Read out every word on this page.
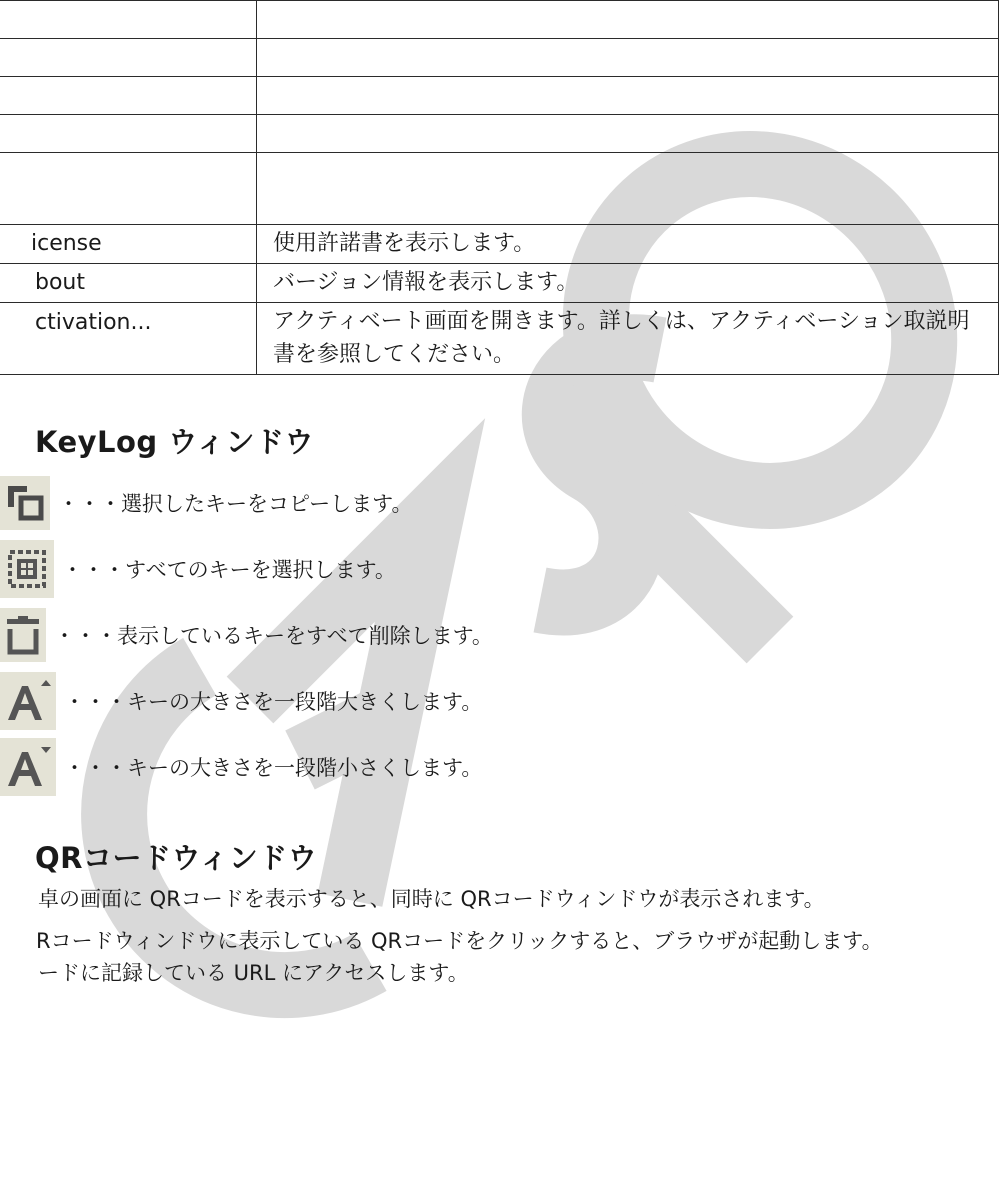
icense	使用許諾書を表示します。
bout	バージョン情報を表示します。
ctivation...	アクティベート画面を開きます。詳しくは、アクティベーション取説明書を参照してください。
KeyLog ウィンドウ
・・・選択したキーをコピーします。
・・・すべてのキーを選択します。
・・・表示しているキーをすべて削除します。
・・・キーの大きさを一段階大きくします。
・・・キーの大きさを一段階小さくします。
QRコードウィンドウ

卓の画面に QRコードを表示すると、同時に QRコードウィンドウが表示されます。

Rコードウィンドウに表示している QRコードをクリックすると、ブラウザが起動します。

ードに記録している URL にアクセスします。
